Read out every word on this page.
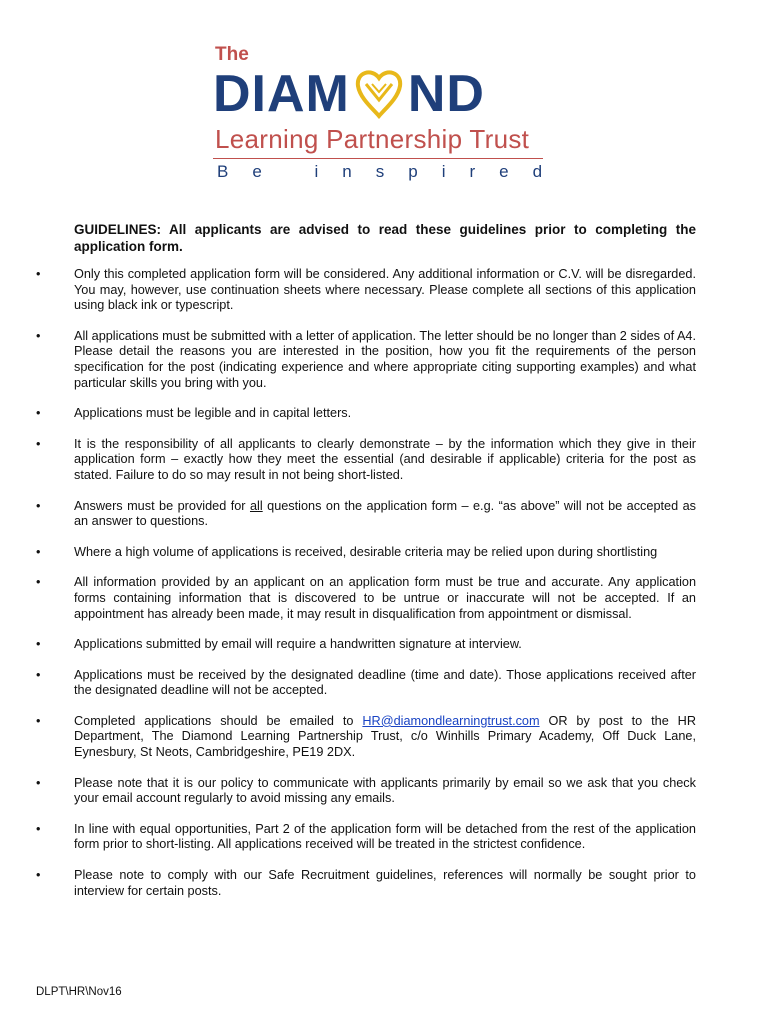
The
DIAM ND
Learning Partnership Trust
Be inspired
GUIDELINES: All applicants are advised to read these guidelines prior to completing the application form.
•	Only this completed application form will be considered. Any additional information or C.V. will be disregarded. You may, however, use continuation sheets where necessary. Please complete all sections of this application using black ink or typescript.
•	All applications must be submitted with a letter of application. The letter should be no longer than 2 sides of A4. Please detail the reasons you are interested in the position, how you fit the requirements of the person specification for the post (indicating experience and where appropriate citing supporting examples) and what particular skills you bring with you.
•	Applications must be legible and in capital letters.
•	It is the responsibility of all applicants to clearly demonstrate – by the information which they give in their application form – exactly how they meet the essential (and desirable if applicable) criteria for the post as stated. Failure to do so may result in not being short-listed.
•	Answers must be provided for all questions on the application form – e.g. “as above” will not be accepted as an answer to questions.
•	Where a high volume of applications is received, desirable criteria may be relied upon during shortlisting
•	All information provided by an applicant on an application form must be true and accurate. Any application forms containing information that is discovered to be untrue or inaccurate will not be accepted. If an appointment has already been made, it may result in disqualification from appointment or dismissal.
•	Applications submitted by email will require a handwritten signature at interview.
•	Applications must be received by the designated deadline (time and date). Those applications received after the designated deadline will not be accepted.
•	Completed applications should be emailed to HR@diamondlearningtrust.com OR by post to the HR Department, The Diamond Learning Partnership Trust, c/o Winhills Primary Academy, Off Duck Lane, Eynesbury, St Neots, Cambridgeshire, PE19 2DX.
•	Please note that it is our policy to communicate with applicants primarily by email so we ask that you check your email account regularly to avoid missing any emails.
•	In line with equal opportunities, Part 2 of the application form will be detached from the rest of the application form prior to short-listing. All applications received will be treated in the strictest confidence.
•	Please note to comply with our Safe Recruitment guidelines, references will normally be sought prior to interview for certain posts.
DLPT\HR\Nov16
